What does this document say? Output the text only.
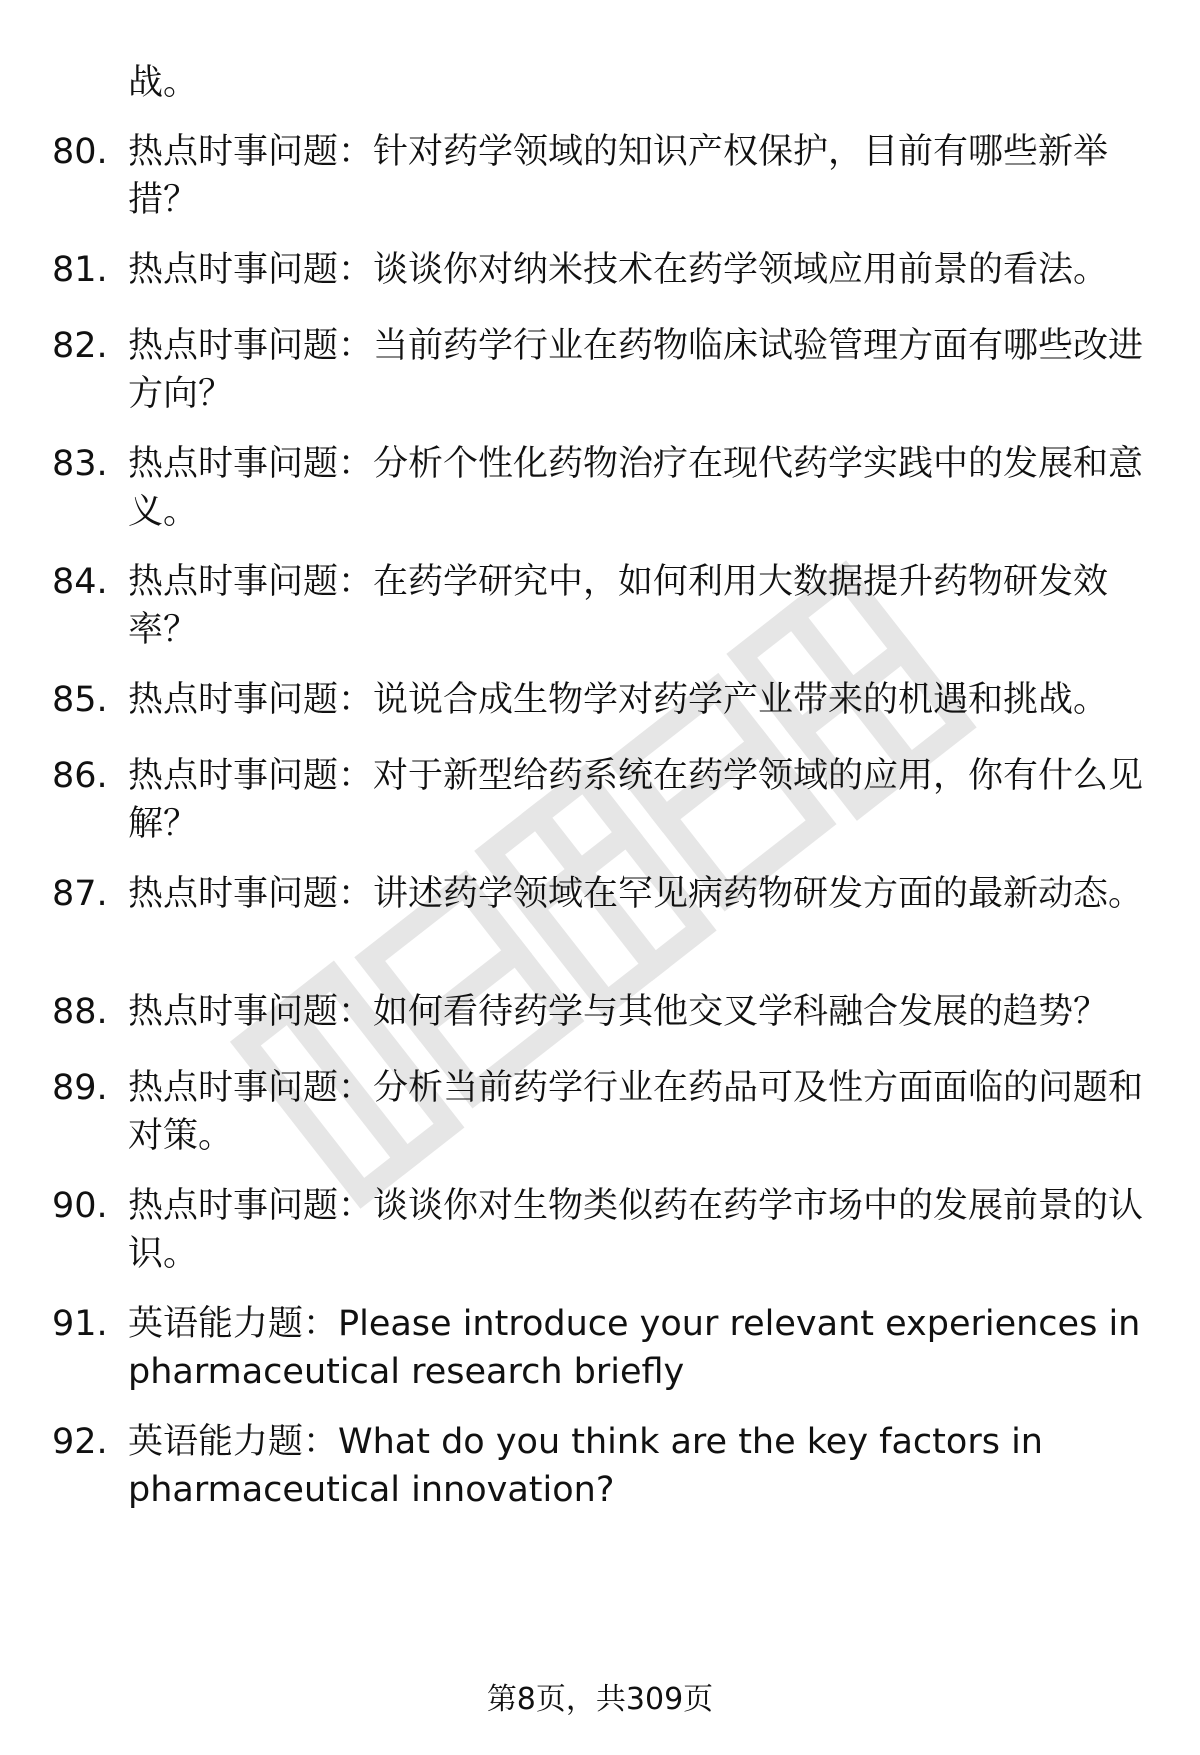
战。

80. 热点时事问题：针对药学领域的知识产权保护，目前有哪些新举措？

81. 热点时事问题：谈谈你对纳米技术在药学领域应用前景的看法。

82. 热点时事问题：当前药学行业在药物临床试验管理方面有哪些改进方向？

83. 热点时事问题：分析个性化药物治疗在现代药学实践中的发展和意义。

84. 热点时事问题：在药学研究中，如何利用大数据提升药物研发效率？

85. 热点时事问题：说说合成生物学对药学产业带来的机遇和挑战。

86. 热点时事问题：对于新型给药系统在药学领域的应用，你有什么见解？

87. 热点时事问题：讲述药学领域在罕见病药物研发方面的最新动态。

88. 热点时事问题：如何看待药学与其他交叉学科融合发展的趋势？

89. 热点时事问题：分析当前药学行业在药品可及性方面面临的问题和对策。

90. 热点时事问题：谈谈你对生物类似药在药学市场中的发展前景的认识。

91. 英语能力题：Please introduce your relevant experiences in pharmaceutical research briefly

92. 英语能力题：What do you think are the key factors in pharmaceutical innovation?

第8页，共309页
